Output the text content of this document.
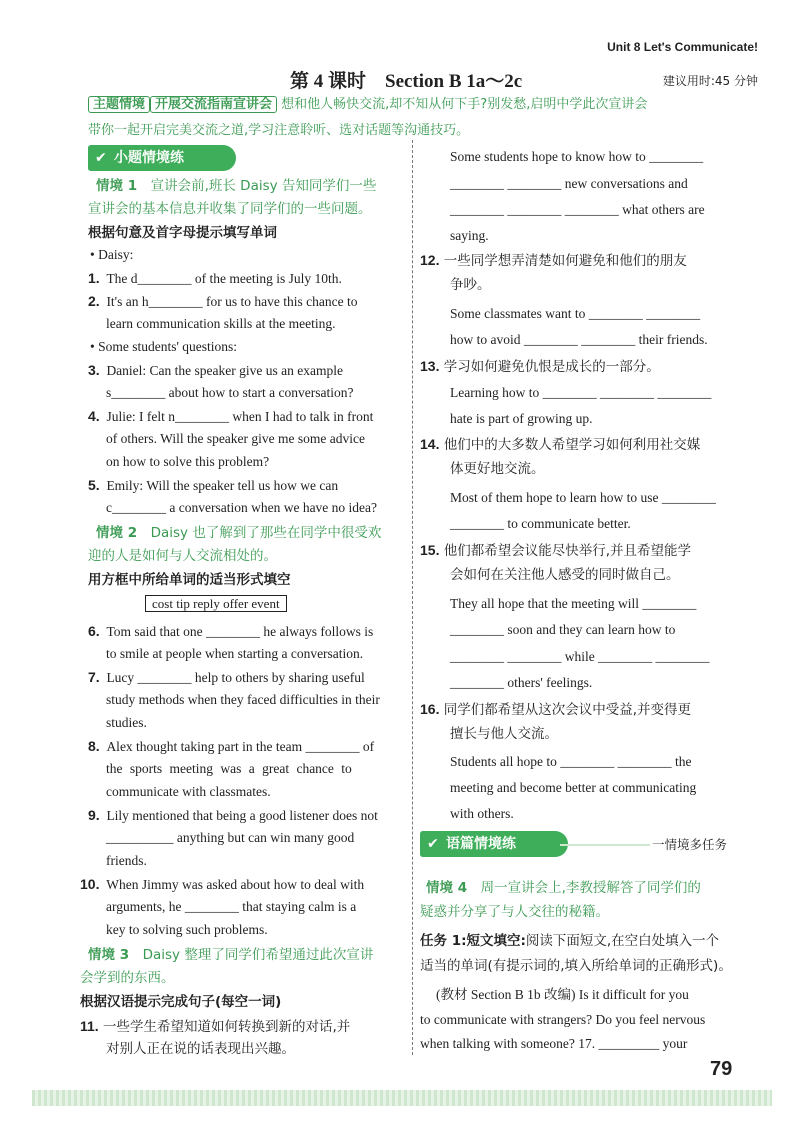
Unit 8 Let's Communicate!
第 4 课时　Section B 1a～2c	建议用时:45 分钟
主题情境 开展交流指南宣讲会 想和他人畅快交流,却不知从何下手?别发愁,启明中学此次宣讲会
带你一起开启完美交流之道,学习注意聆听、选对话题等沟通技巧。
✔ 小题情境练
情境 1　 宣讲会前,班长 Daisy 告知同学们一些
宣讲会的基本信息并收集了同学们的一些问题。
根据句意及首字母提示填写单词
• Daisy:
1. The d________ of the meeting is July 10th.
2. It's an h________ for us to have this chance to
learn communication skills at the meeting.
• Some students' questions:
3. Daniel: Can the speaker give us an example
s________ about how to start a conversation?
4. Julie: I felt n________ when I had to talk in front
of others. Will the speaker give me some advice
on how to solve this problem?
5. Emily: Will the speaker tell us how we can
c________ a conversation when we have no idea?
情境 2　 Daisy 也了解到了那些在同学中很受欢
迎的人是如何与人交流相处的。
用方框中所给单词的适当形式填空
cost tip reply offer event
6. Tom said that one ________ he always follows is
to smile at people when starting a conversation.
7. Lucy ________ help to others by sharing useful
study methods when they faced difficulties in their
studies.
8. Alex thought taking part in the team ________ of
the sports meeting was a great chance to
communicate with classmates.
9. Lily mentioned that being a good listener does not
__________ anything but can win many good
friends.
10. When Jimmy was asked about how to deal with
arguments, he ________ that staying calm is a
key to solving such problems.
情境 3　 Daisy 整理了同学们希望通过此次宣讲
会学到的东西。
根据汉语提示完成句子(每空一词)
11. 一些学生希望知道如何转换到新的对话,并
对别人正在说的话表现出兴趣。
Some students hope to know how to ________
________ ________ new conversations and
________ ________ ________ what others are
saying.
12. 一些同学想弄清楚如何避免和他们的朋友
争吵。
Some classmates want to ________ ________
how to avoid ________ ________ their friends.
13. 学习如何避免仇恨是成长的一部分。
Learning how to ________ ________ ________
hate is part of growing up.
14. 他们中的大多数人希望学习如何利用社交媒
体更好地交流。
Most of them hope to learn how to use ________
________ to communicate better.
15. 他们都希望会议能尽快举行,并且希望能学
会如何在关注他人感受的同时做自己。
They all hope that the meeting will ________
________ soon and they can learn how to
________ ________ while ________ ________
________ others' feelings.
16. 同学们都希望从这次会议中受益,并变得更
擅长与他人交流。
Students all hope to ________ ________ the
meeting and become better at communicating
with others.
✔ 语篇情境练	一情境多任务
情境 4　 周一宣讲会上,李教授解答了同学们的
疑惑并分享了与人交往的秘籍。
任务 1:短文填空:阅读下面短文,在空白处填入一个
适当的单词(有提示词的,填入所给单词的正确形式)。
(教材 Section B 1b 改编) Is it difficult for you
to communicate with strangers? Do you feel nervous
when talking with someone? 17. _________ your
79
